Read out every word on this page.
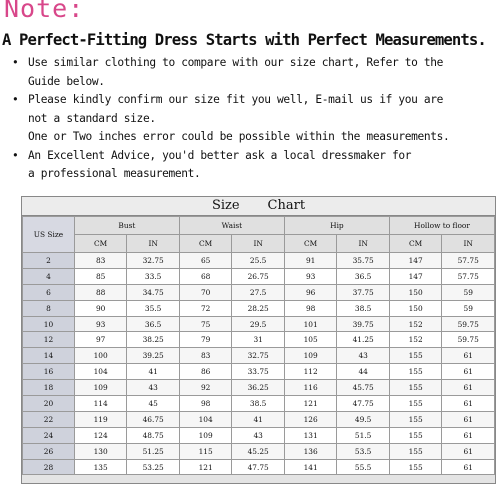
Note:
A Perfect-Fitting Dress Starts with Perfect Measurements.
• Use similar clothing to compare with our size chart, Refer to the
Guide below.
• Please kindly confirm our size fit you well, E-mail us if you are
not a standard size.
One or Two inches error could be possible within the measurements.
• An Excellent Advice, you'd better ask a local dressmaker for
a professional measurement.
Size Chart
US Size	Bust		Waist		Hip		Hollow to floor	
	CM	IN	CM	IN	CM	IN	CM	IN
2	83	32.75	65	25.5	91	35.75	147	57.75
4	85	33.5	68	26.75	93	36.5	147	57.75
6	88	34.75	70	27.5	96	37.75	150	59
8	90	35.5	72	28.25	98	38.5	150	59
10	93	36.5	75	29.5	101	39.75	152	59.75
12	97	38.25	79	31	105	41.25	152	59.75
14	100	39.25	83	32.75	109	43	155	61
16	104	41	86	33.75	112	44	155	61
18	109	43	92	36.25	116	45.75	155	61
20	114	45	98	38.5	121	47.75	155	61
22	119	46.75	104	41	126	49.5	155	61
24	124	48.75	109	43	131	51.5	155	61
26	130	51.25	115	45.25	136	53.5	155	61
28	135	53.25	121	47.75	141	55.5	155	61
